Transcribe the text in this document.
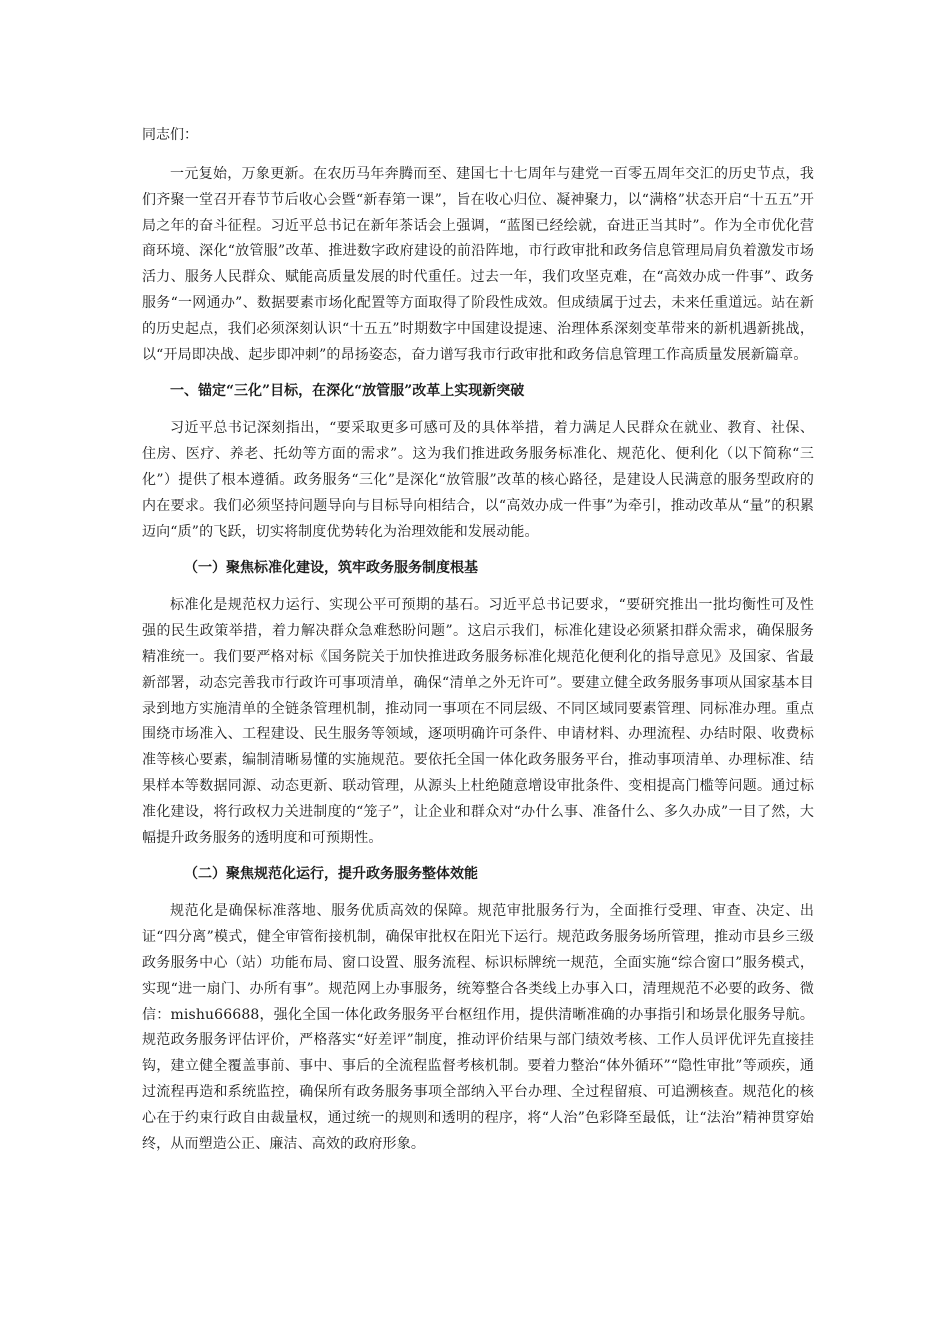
同志们：

一元复始，万象更新。在农历马年奔腾而至、建国七十七周年与建党一百零五周年交汇的历史节点，我们齐聚一堂召开春节节后收心会暨“新春第一课”，旨在收心归位、凝神聚力，以“满格”状态开启“十五五”开局之年的奋斗征程。习近平总书记在新年茶话会上强调，“蓝图已经绘就，奋进正当其时”。作为全市优化营商环境、深化“放管服”改革、推进数字政府建设的前沿阵地，市行政审批和政务信息管理局肩负着激发市场活力、服务人民群众、赋能高质量发展的时代重任。过去一年，我们攻坚克难，在“高效办成一件事”、政务服务“一网通办”、数据要素市场化配置等方面取得了阶段性成效。但成绩属于过去，未来任重道远。站在新的历史起点，我们必须深刻认识“十五五”时期数字中国建设提速、治理体系深刻变革带来的新机遇新挑战，以“开局即决战、起步即冲刺”的昂扬姿态，奋力谱写我市行政审批和政务信息管理工作高质量发展新篇章。

一、锚定“三化”目标，在深化“放管服”改革上实现新突破

习近平总书记深刻指出，“要采取更多可感可及的具体举措，着力满足人民群众在就业、教育、社保、住房、医疗、养老、托幼等方面的需求”。这为我们推进政务服务标准化、规范化、便利化（以下简称“三化”）提供了根本遵循。政务服务“三化”是深化“放管服”改革的核心路径，是建设人民满意的服务型政府的内在要求。我们必须坚持问题导向与目标导向相结合，以“高效办成一件事”为牵引，推动改革从“量”的积累迈向“质”的飞跃，切实将制度优势转化为治理效能和发展动能。

（一）聚焦标准化建设，筑牢政务服务制度根基

标准化是规范权力运行、实现公平可预期的基石。习近平总书记要求，“要研究推出一批均衡性可及性强的民生政策举措，着力解决群众急难愁盼问题”。这启示我们，标准化建设必须紧扣群众需求，确保服务精准统一。我们要严格对标《国务院关于加快推进政务服务标准化规范化便利化的指导意见》及国家、省最新部署，动态完善我市行政许可事项清单，确保“清单之外无许可”。要建立健全政务服务事项从国家基本目录到地方实施清单的全链条管理机制，推动同一事项在不同层级、不同区域同要素管理、同标准办理。重点围绕市场准入、工程建设、民生服务等领域，逐项明确许可条件、申请材料、办理流程、办结时限、收费标准等核心要素，编制清晰易懂的实施规范。要依托全国一体化政务服务平台，推动事项清单、办理标准、结果样本等数据同源、动态更新、联动管理，从源头上杜绝随意增设审批条件、变相提高门槛等问题。通过标准化建设，将行政权力关进制度的“笼子”，让企业和群众对“办什么事、准备什么、多久办成”一目了然，大幅提升政务服务的透明度和可预期性。

（二）聚焦规范化运行，提升政务服务整体效能

规范化是确保标准落地、服务优质高效的保障。规范审批服务行为，全面推行受理、审查、决定、出证“四分离”模式，健全审管衔接机制，确保审批权在阳光下运行。规范政务服务场所管理，推动市县乡三级政务服务中心（站）功能布局、窗口设置、服务流程、标识标牌统一规范，全面实施“综合窗口”服务模式，实现“进一扇门、办所有事”。规范网上办事服务，统筹整合各类线上办事入口，清理规范不必要的政务、微信：mishu66688，强化全国一体化政务服务平台枢纽作用，提供清晰准确的办事指引和场景化服务导航。规范政务服务评估评价，严格落实“好差评”制度，推动评价结果与部门绩效考核、工作人员评优评先直接挂钩，建立健全覆盖事前、事中、事后的全流程监督考核机制。要着力整治“体外循环”“隐性审批”等顽疾，通过流程再造和系统监控，确保所有政务服务事项全部纳入平台办理、全过程留痕、可追溯核查。规范化的核心在于约束行政自由裁量权，通过统一的规则和透明的程序，将“人治”色彩降至最低，让“法治”精神贯穿始终，从而塑造公正、廉洁、高效的政府形象。
